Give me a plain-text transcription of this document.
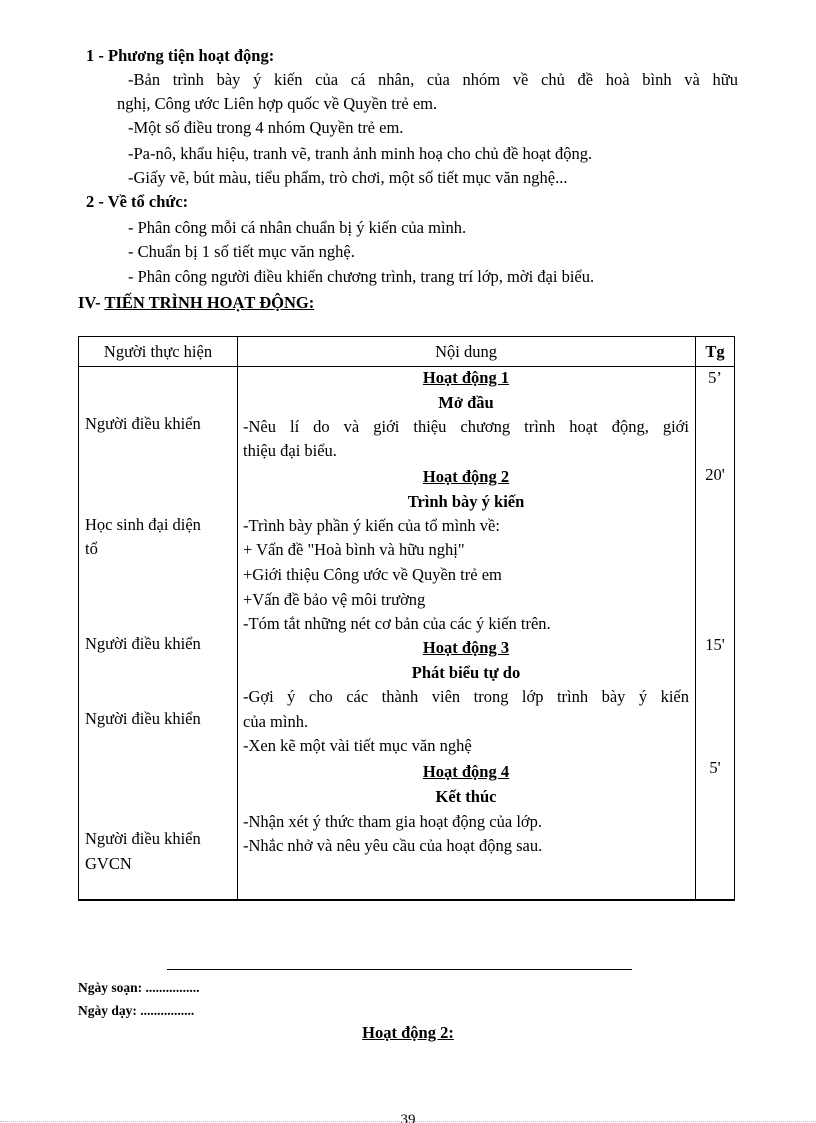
1 - Phương tiện hoạt động:
-Bản trình bày ý kiến của cá nhân, của nhóm về chủ đề hoà bình và hữu
nghị, Công ước Liên hợp quốc về Quyền trẻ em.
-Một số điều trong 4 nhóm Quyền trẻ em.
-Pa-nô, khẩu hiệu, tranh vẽ, tranh ảnh minh hoạ cho chủ đề hoạt động.
-Giấy vẽ, bút màu, tiểu phẩm, trò chơi, một số tiết mục văn nghệ...
2 - Về tổ chức:
- Phân công mỗi cá nhân chuẩn bị ý kiến của mình.
- Chuẩn bị 1 số tiết mục văn nghệ.
- Phân công người điều khiển chương trình, trang trí lớp, mời đại biểu.
IV- TIẾN TRÌNH HOẠT ĐỘNG:
Người thực hiện	Nội dung	Tg
Người điều khiển
Học sinh đại diện
tổ
Người điều khiển
Người điều khiển
Người điều khiển
GVCN
Hoạt động 1
Mở đầu
-Nêu lí do và giới thiệu chương trình hoạt động, giới
thiệu đại biểu.
Hoạt động 2
Trình bày ý kiến
-Trình bày phần ý kiến của tổ mình về:
+ Vấn đề "Hoà bình và hữu nghị"
+Giới thiệu Công ước về Quyền trẻ em
+Vấn đề bảo vệ môi trường
-Tóm tắt những nét cơ bản của các ý kiến trên.
Hoạt động 3
Phát biểu tự do
-Gợi ý cho các thành viên trong lớp trình bày ý kiến
của mình.
-Xen kẽ một vài tiết mục văn nghệ
Hoạt động 4
Kết thúc
-Nhận xét ý thức tham gia hoạt động của lớp.
-Nhắc nhở và nêu yêu cầu của hoạt động sau.
5’
20'
15'
5'
Ngày soạn: ................
Ngày dạy: ................
Hoạt động 2:
39
